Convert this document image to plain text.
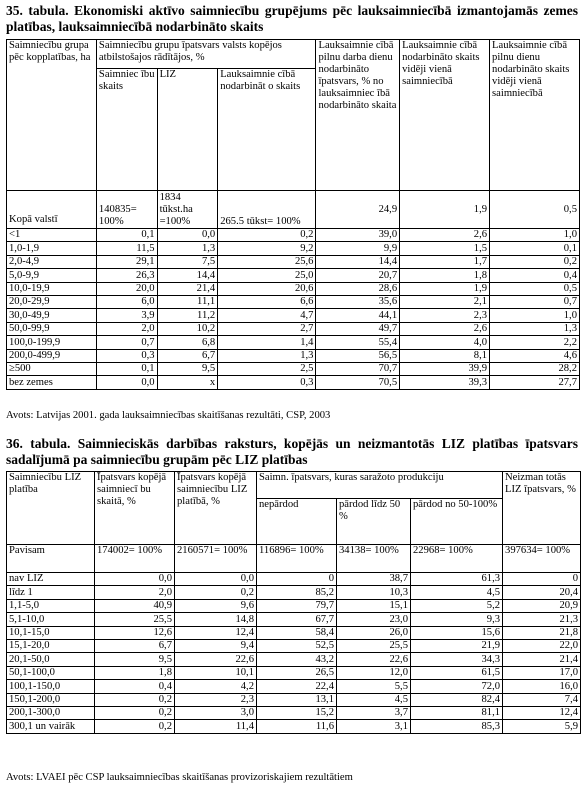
35. tabula. Ekonomiski aktīvo saimniecību grupējums pēc lauksaimniecībā izmantojamās zemes platības, lauksaimniecībā nodarbināto skaits
Saimniecību grupa pēc kopplatības, ha	Saimniecību grupu īpatsvars valsts kopējos atbilstošajos rādītājos, %			Lauksaimnie cībā pilnu darba dienu nodarbināto īpatsvars, % no lauksaimniec ībā nodarbināto skaita	Lauksaimnie cībā nodarbināto skaits vidēji vienā saimniecībā	Lauksaimnie cībā pilnu dienu nodarbināto skaits vidēji vienā saimniecībā
	Saimniec ību skaits	LIZ	Lauksaimnie cībā nodarbināt o skaits			
Kopā valstī	140835= 100%	1834 tūkst.ha =100%	265.5 tūkst= 100%	24,9	1,9	0,5
<1	0,1	0,0	0,2	39,0	2,6	1,0
1,0-1,9	11,5	1,3	9,2	9,9	1,5	0,1
2,0-4,9	29,1	7,5	25,6	14,4	1,7	0,2
5,0-9,9	26,3	14,4	25,0	20,7	1,8	0,4
10,0-19,9	20,0	21,4	20,6	28,6	1,9	0,5
20,0-29,9	6,0	11,1	6,6	35,6	2,1	0,7
30,0-49,9	3,9	11,2	4,7	44,1	2,3	1,0
50,0-99,9	2,0	10,2	2,7	49,7	2,6	1,3
100,0-199,9	0,7	6,8	1,4	55,4	4,0	2,2
200,0-499,9	0,3	6,7	1,3	56,5	8,1	4,6
≥500	0,1	9,5	2,5	70,7	39,9	28,2
bez zemes	0,0	x	0,3	70,5	39,3	27,7
Avots: Latvijas 2001. gada lauksaimniecības skaitīšanas rezultāti, CSP, 2003
36. tabula. Saimnieciskās darbības raksturs, kopējās un neizmantotās LIZ platības īpatsvars sadalījumā pa saimniecību grupām pēc LIZ platības
Saimniecību LIZ platība	Īpatsvars kopējā saimniecī bu skaitā, %	Īpatsvars kopējā saimniecību LIZ platībā, %	Saimn. īpatsvars, kuras saražoto produkciju			Neizman totās LIZ īpatsvars, %
			nepārdod	pārdod līdz 50 %	pārdod no 50-100%	
Pavisam	174002= 100%	2160571= 100%	116896= 100%	34138= 100%	22968= 100%	397634= 100%
nav LIZ	0,0	0,0	0	38,7	61,3	0
līdz 1	2,0	0,2	85,2	10,3	4,5	20,4
1,1-5,0	40,9	9,6	79,7	15,1	5,2	20,9
5,1-10,0	25,5	14,8	67,7	23,0	9,3	21,3
10,1-15,0	12,6	12,4	58,4	26,0	15,6	21,8
15,1-20,0	6,7	9,4	52,5	25,5	21,9	22,0
20,1-50,0	9,5	22,6	43,2	22,6	34,3	21,4
50,1-100,0	1,8	10,1	26,5	12,0	61,5	17,0
100,1-150,0	0,4	4,2	22,4	5,5	72,0	16,0
150,1-200,0	0,2	2,3	13,1	4,5	82,4	7,4
200,1-300,0	0,2	3,0	15,2	3,7	81,1	12,4
300,1 un vairāk	0,2	11,4	11,6	3,1	85,3	5,9
Avots: LVAEI pēc CSP lauksaimniecības skaitīšanas provizoriskajiem rezultātiem
